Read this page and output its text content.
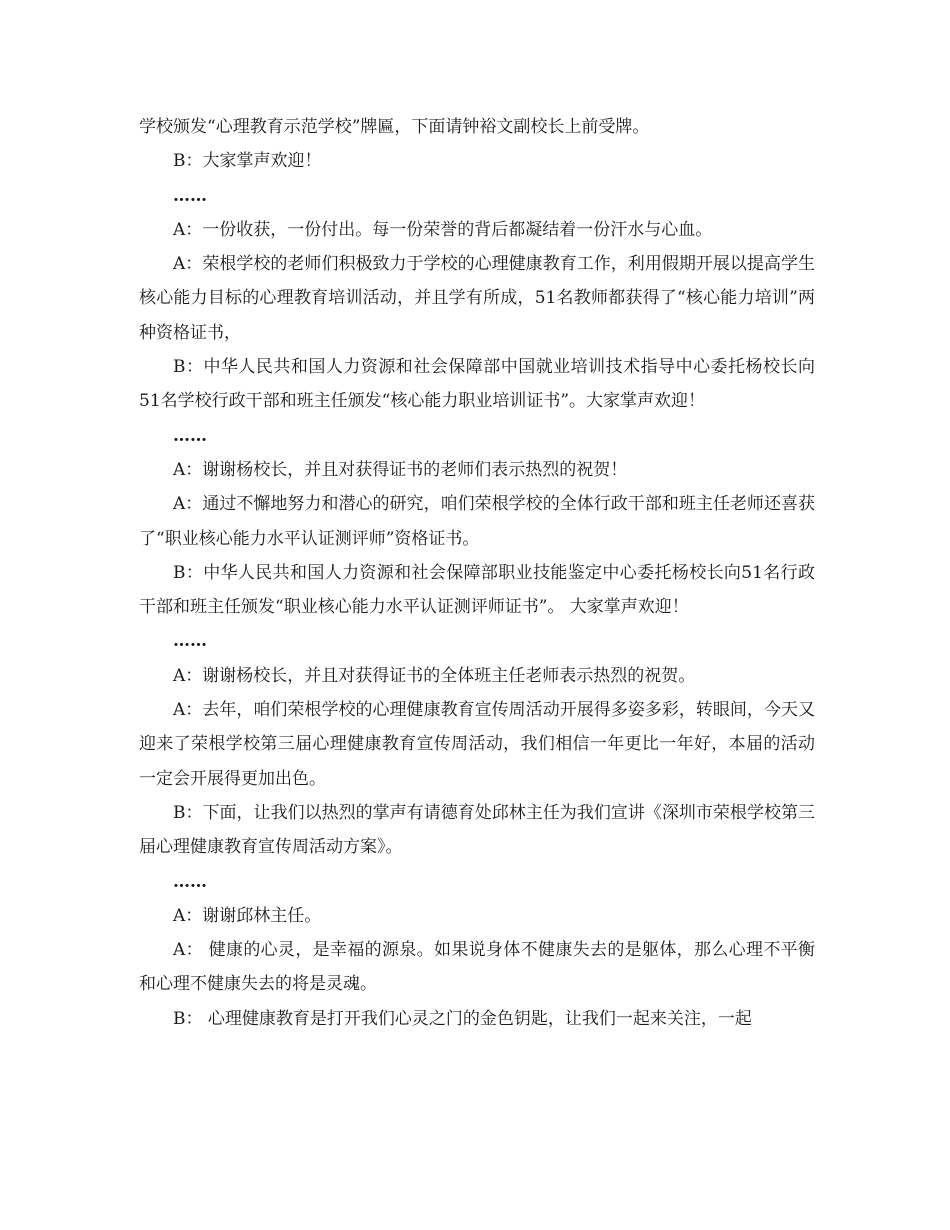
学校颁发“心理教育示范学校”牌匾，下面请钟裕文副校长上前受牌。

B：大家掌声欢迎！

……

A：一份收获，一份付出。每一份荣誉的背后都凝结着一份汗水与心血。

A：荣根学校的老师们积极致力于学校的心理健康教育工作，利用假期开展以提高学生核心能力目标的心理教育培训活动，并且学有所成，51名教师都获得了“核心能力培训”两种资格证书，

B：中华人民共和国人力资源和社会保障部中国就业培训技术指导中心委托杨校长向51名学校行政干部和班主任颁发“核心能力职业培训证书”。大家掌声欢迎！

……

A：谢谢杨校长，并且对获得证书的老师们表示热烈的祝贺！

A：通过不懈地努力和潜心的研究，咱们荣根学校的全体行政干部和班主任老师还喜获了“职业核心能力水平认证测评师”资格证书。

B：中华人民共和国人力资源和社会保障部职业技能鉴定中心委托杨校长向51名行政干部和班主任颁发“职业核心能力水平认证测评师证书”。 大家掌声欢迎！

……

A：谢谢杨校长，并且对获得证书的全体班主任老师表示热烈的祝贺。

A：去年，咱们荣根学校的心理健康教育宣传周活动开展得多姿多彩，转眼间，今天又迎来了荣根学校第三届心理健康教育宣传周活动，我们相信一年更比一年好，本届的活动一定会开展得更加出色。

B：下面，让我们以热烈的掌声有请德育处邱林主任为我们宣讲《深圳市荣根学校第三届心理健康教育宣传周活动方案》。

……

A：谢谢邱林主任。

A： 健康的心灵，是幸福的源泉。如果说身体不健康失去的是躯体，那么心理不平衡和心理不健康失去的将是灵魂。

B： 心理健康教育是打开我们心灵之门的金色钥匙，让我们一起来关注，一起
